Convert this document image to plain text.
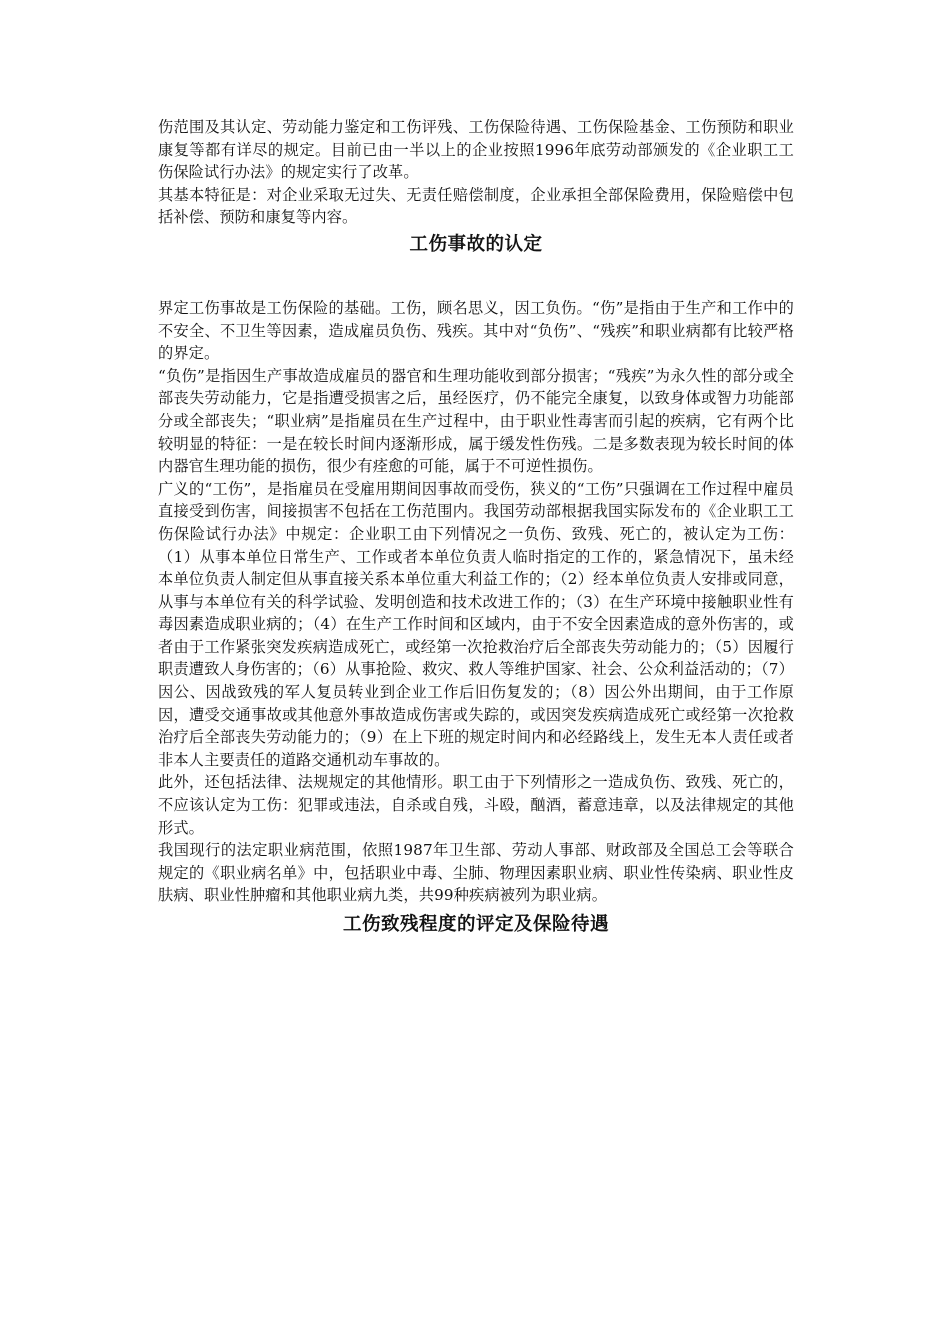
伤范围及其认定、劳动能力鉴定和工伤评残、工伤保险待遇、工伤保险基金、工伤预防和职业康复等都有详尽的规定。目前已由一半以上的企业按照1996年底劳动部颁发的《企业职工工伤保险试行办法》的规定实行了改革。

其基本特征是：对企业采取无过失、无责任赔偿制度，企业承担全部保险费用，保险赔偿中包括补偿、预防和康复等内容。

工伤事故的认定

界定工伤事故是工伤保险的基础。工伤，顾名思义，因工负伤。“伤”是指由于生产和工作中的不安全、不卫生等因素，造成雇员负伤、残疾。其中对“负伤”、“残疾”和职业病都有比较严格的界定。

“负伤”是指因生产事故造成雇员的器官和生理功能收到部分损害；“残疾”为永久性的部分或全部丧失劳动能力，它是指遭受损害之后，虽经医疗，仍不能完全康复，以致身体或智力功能部分或全部丧失；“职业病”是指雇员在生产过程中，由于职业性毒害而引起的疾病，它有两个比较明显的特征：一是在较长时间内逐渐形成，属于缓发性伤残。二是多数表现为较长时间的体内器官生理功能的损伤，很少有痊愈的可能，属于不可逆性损伤。

广义的“工伤”，是指雇员在受雇用期间因事故而受伤，狭义的“工伤”只强调在工作过程中雇员直接受到伤害，间接损害不包括在工伤范围内。我国劳动部根据我国实际发布的《企业职工工伤保险试行办法》中规定：企业职工由下列情况之一负伤、致残、死亡的，被认定为工伤：（1）从事本单位日常生产、工作或者本单位负责人临时指定的工作的，紧急情况下，虽未经本单位负责人制定但从事直接关系本单位重大利益工作的；（2）经本单位负责人安排或同意，从事与本单位有关的科学试验、发明创造和技术改进工作的；（3）在生产环境中接触职业性有毒因素造成职业病的；（4）在生产工作时间和区域内，由于不安全因素造成的意外伤害的，或者由于工作紧张突发疾病造成死亡，或经第一次抢救治疗后全部丧失劳动能力的；（5）因履行职责遭致人身伤害的；（6）从事抢险、救灾、救人等维护国家、社会、公众利益活动的；（7）因公、因战致残的军人复员转业到企业工作后旧伤复发的；（8）因公外出期间，由于工作原因，遭受交通事故或其他意外事故造成伤害或失踪的，或因突发疾病造成死亡或经第一次抢救治疗后全部丧失劳动能力的；（9）在上下班的规定时间内和必经路线上，发生无本人责任或者非本人主要责任的道路交通机动车事故的。

此外，还包括法律、法规规定的其他情形。职工由于下列情形之一造成负伤、致残、死亡的，不应该认定为工伤：犯罪或违法，自杀或自残，斗殴，酗酒，蓄意违章，以及法律规定的其他形式。

我国现行的法定职业病范围，依照1987年卫生部、劳动人事部、财政部及全国总工会等联合规定的《职业病名单》中，包括职业中毒、尘肺、物理因素职业病、职业性传染病、职业性皮肤病、职业性肿瘤和其他职业病九类，共99种疾病被列为职业病。

工伤致残程度的评定及保险待遇
